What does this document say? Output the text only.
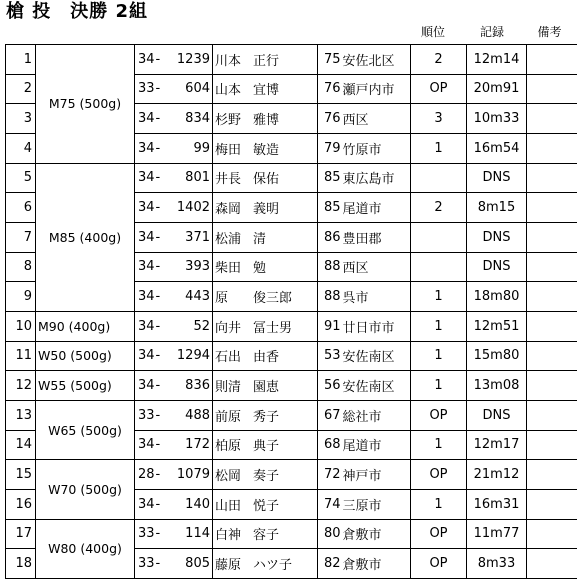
槍 投　決勝 2組
順位	記録	備考
1	M75 (500g)	34	-	1239	川本 正行	75	安佐北区	2	12m14	
2		33	-	604	山本 宜博	76	瀬戸内市	OP	20m91	
3		34	-	834	杉野 雅博	76	西区	3	10m33	
4		34	-	99	梅田 敏造	79	竹原市	1	16m54	
5	M85 (400g)	34	-	801	井長 保佑	85	東広島市		DNS	
6		34	-	1402	森岡 義明	85	尾道市	2	8m15	
7		34	-	371	松浦 清	86	豊田郡		DNS	
8		34	-	393	柴田 勉	88	西区		DNS	
9		34	-	443	原 俊三郎	88	呉市	1	18m80	
10	M90 (400g)	34	-	52	向井 冨士男	91	廿日市市	1	12m51	
11	W50 (500g)	34	-	1294	石出 由香	53	安佐南区	1	15m80	
12	W55 (500g)	34	-	836	則清 園恵	56	安佐南区	1	13m08	
13	W65 (500g)	33	-	488	前原 秀子	67	総社市	OP	DNS	
14		34	-	172	柏原 典子	68	尾道市	1	12m17	
15	W70 (500g)	28	-	1079	松岡 奏子	72	神戸市	OP	21m12	
16		34	-	140	山田 悦子	74	三原市	1	16m31	
17	W80 (400g)	33	-	114	白神 容子	80	倉敷市	OP	11m77	
18		33	-	805	藤原 ハツ子	82	倉敷市	OP	8m33	
